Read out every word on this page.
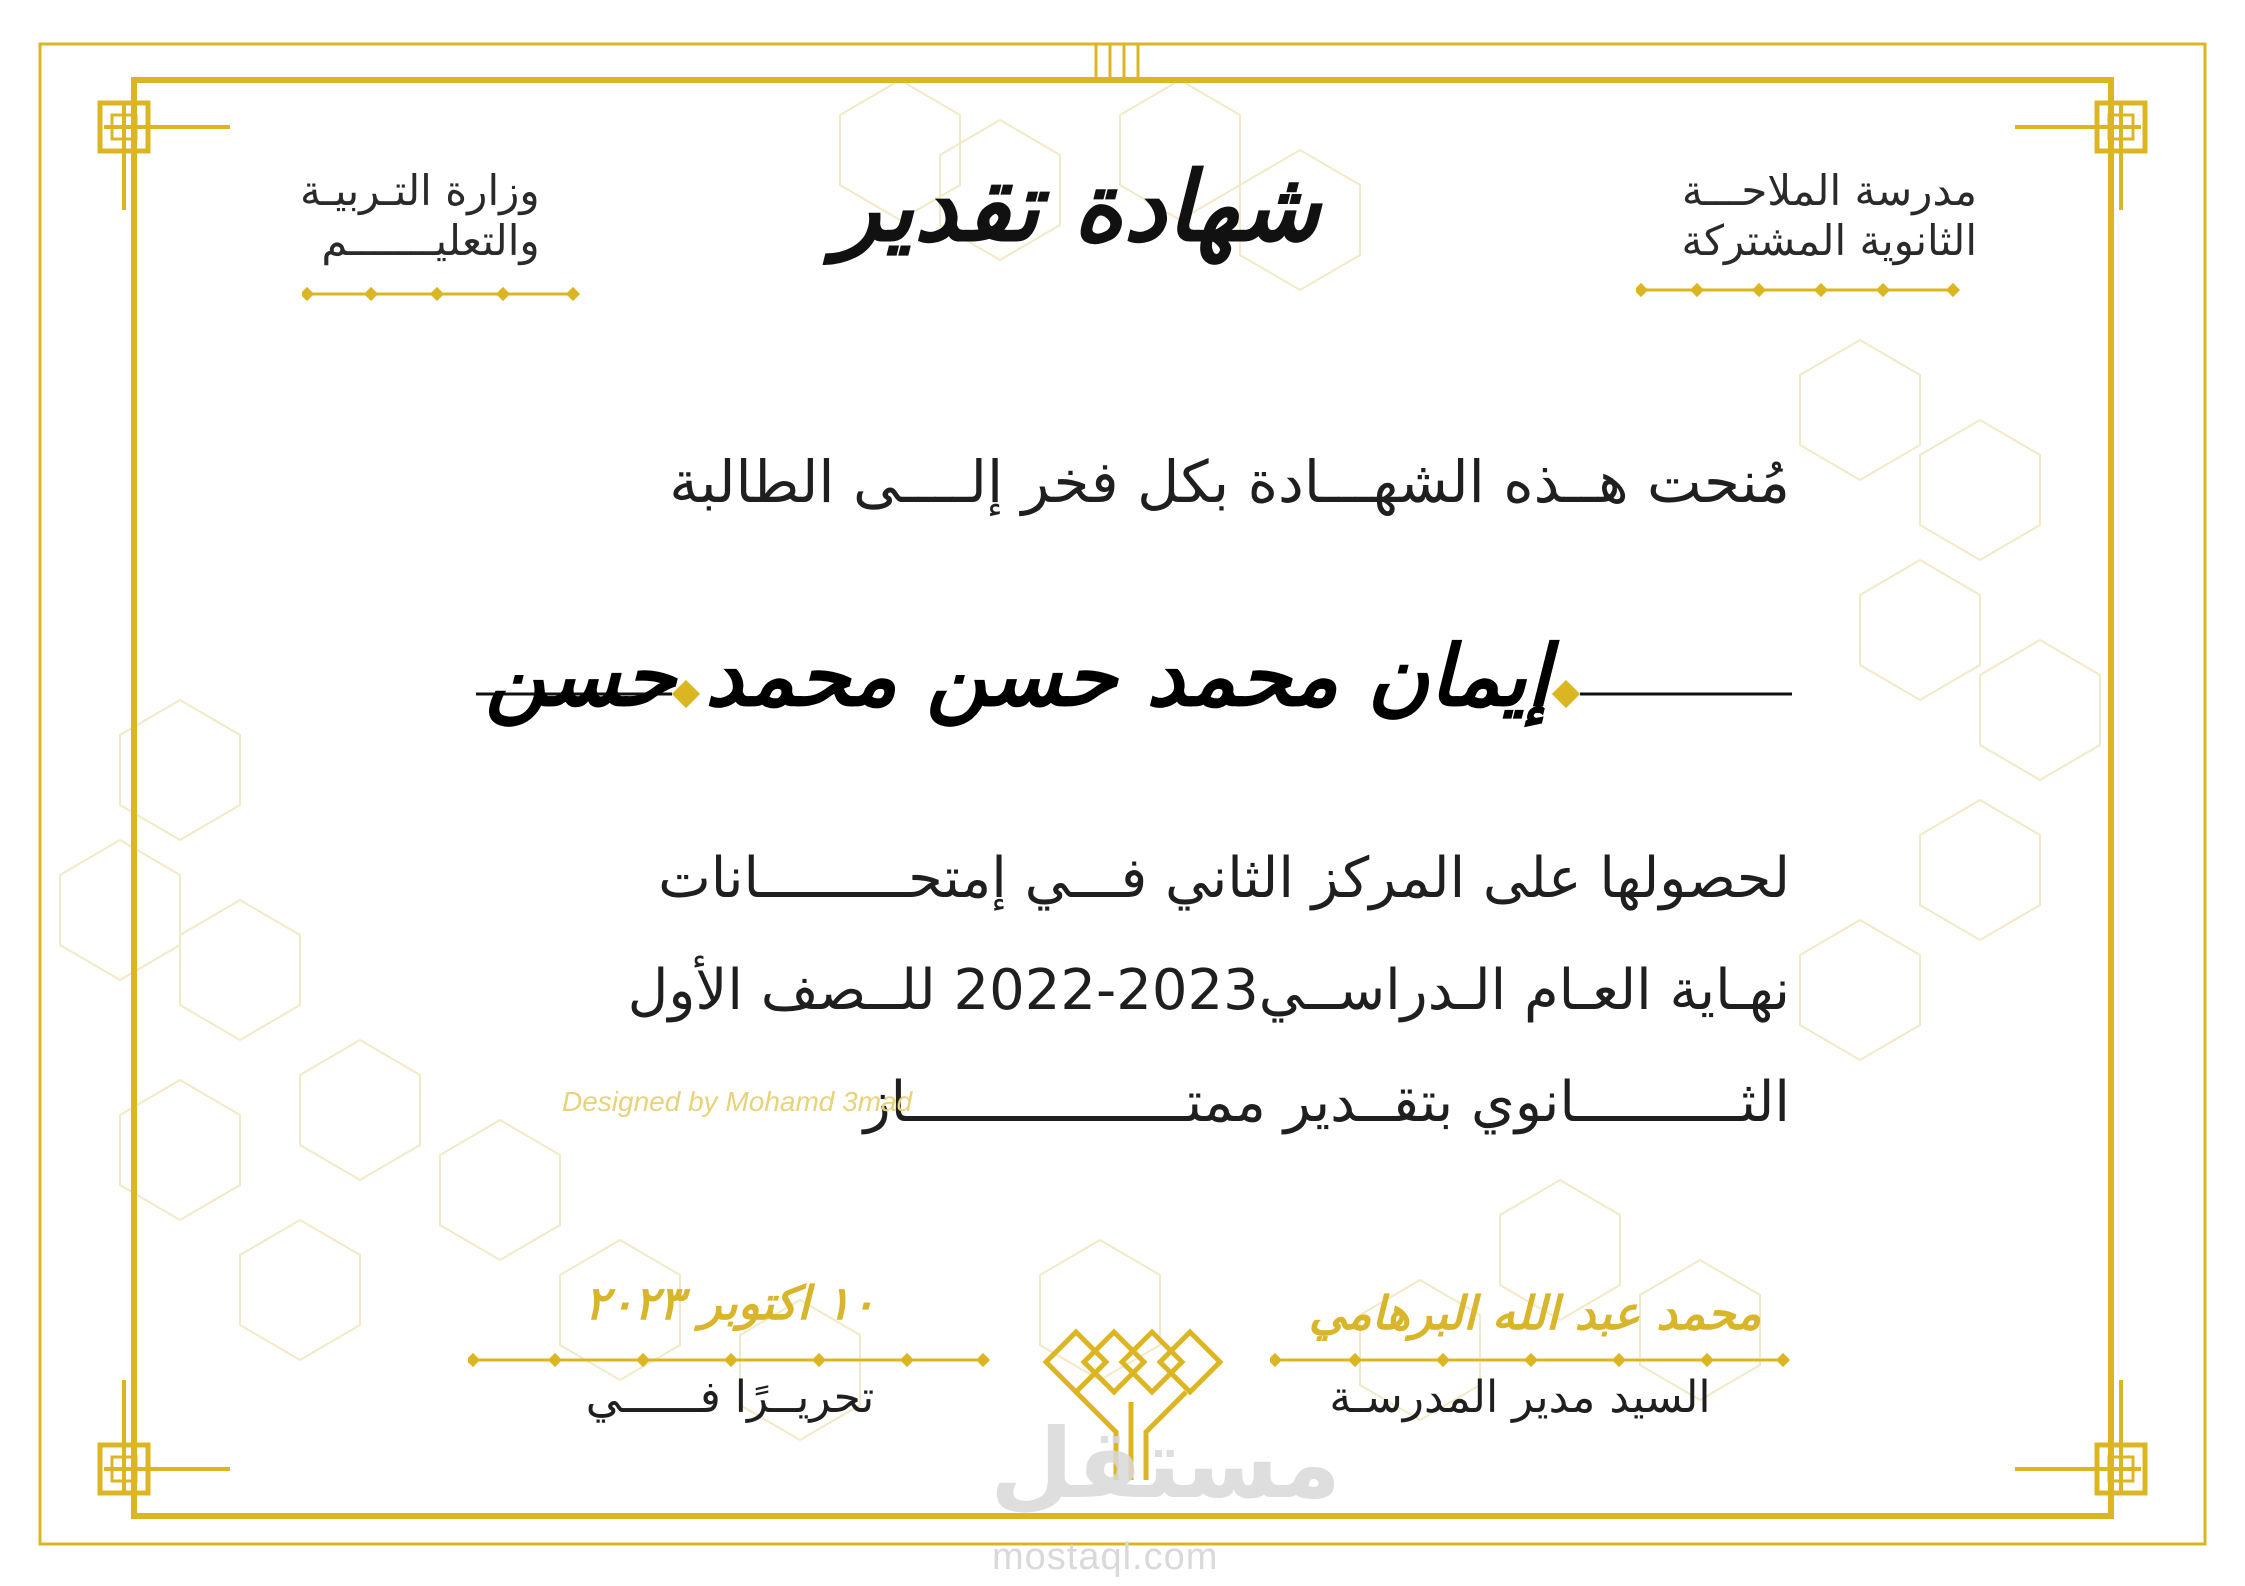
مدرسة الملاحـــة
الثانوية المشتركة
وزارة التـربيـة
والتعليـــــــم	شهادة تقدير
مُنحت هــذه الشهـــادة بكل فخر إلــــى الطالبة
إيمان محمد حسن محمد حسن
لحصولها على المركز الثاني فـــي إمتحـــــــــانات
نهـاية العـام الـدراســي2023-2022 للــصف الأول
الثــــــــــانوي بتقــدير ممتـــــــــــــــــاز
Designed by Mohamd 3mad
محمد عبد الله البرهامي
السيد مدير المدرسـة
١٠ اكتوبر ٢٠٢٣
تحريــرًا فــــــي
مستقل
mostaql.com
